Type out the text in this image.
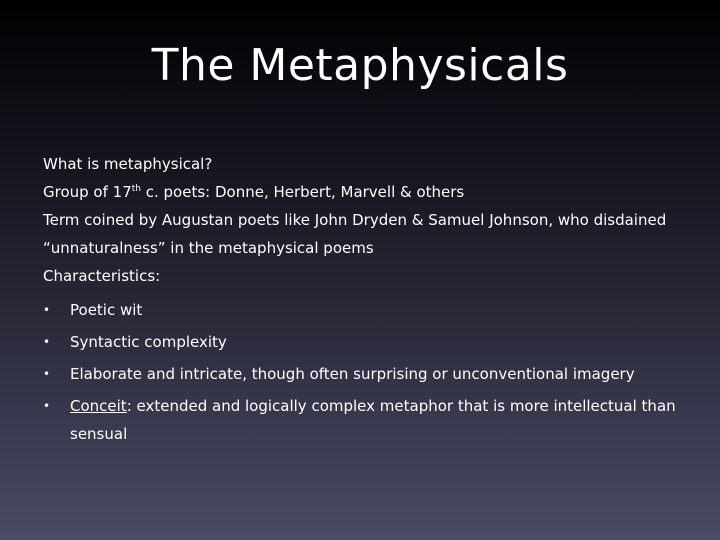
The Metaphysicals

What is metaphysical?

Group of 17th c. poets: Donne, Herbert, Marvell & others

Term coined by Augustan poets like John Dryden & Samuel Johnson, who disdained “unnaturalness” in the metaphysical poems

Characteristics:

•	Poetic wit
•	Syntactic complexity
•	Elaborate and intricate, though often surprising or unconventional imagery
•	Conceit: extended and logically complex metaphor that is more intellectual than sensual
